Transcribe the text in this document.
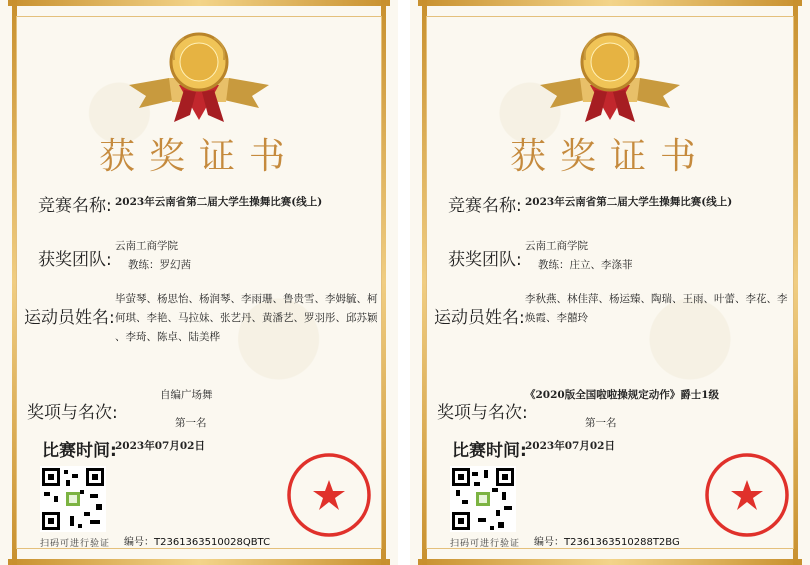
获奖证书
竞赛名称: 2023年云南省第二届大学生操舞比赛(线上)
获奖团队:
云南工商学院
教练：罗幻茜
运动员姓名:
毕萤琴、杨思怡、杨润琴、李雨珊、鲁贵雪、李姆毓、柯
何琪、李艳、马拉妹、张艺丹、黄潘艺、罗羽彤、邱苏颖
、李琦、陈卓、陆美桦
奖项与名次:
自编广场舞
第一名
比赛时间:
2023年07月02日
扫码可进行验证 编号：T2361363510028QBTC
获奖证书
竞赛名称: 2023年云南省第二届大学生操舞比赛(线上)
获奖团队:
云南工商学院
教练：庄立、李涤菲
运动员姓名:
李秋燕、林佳萍、杨运臻、陶瑞、王雨、叶蕾、李花、李
焕霞、李囍玲
奖项与名次:
《2020版全国啦啦操规定动作》爵士1级
第一名
比赛时间:
2023年07月02日
扫码可进行验证 编号：T2361363510288T2BG
